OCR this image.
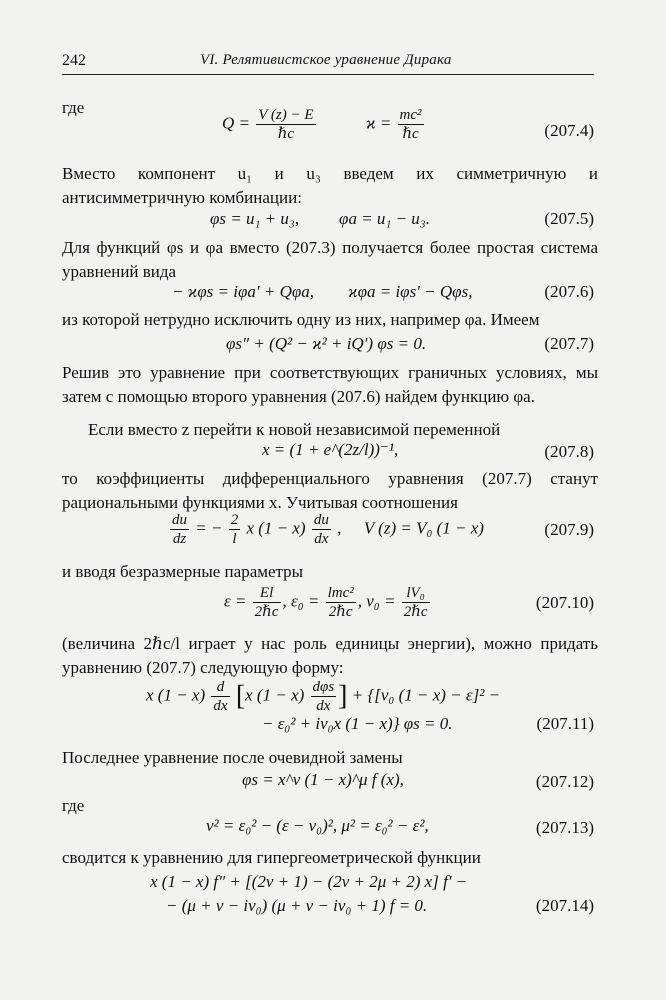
242	VI. Релятивистское уравнение Дирака
где
$Q = \frac{V (z) - E}{\text{ℏc}}$	$ϰ = \frac{\text{mc²}}{\text{ℏc}}$	(207.4)
Вместо компонент u₁ и u₃ введем их симметричную и антисимметричную комбинации:
φs = u₁ + u₃, φa = u₁ − u₃.	(207.5)
Для функций φs и φa вместо (207.3) получается более простая система уравнений вида
− ϰφs = iφa′ + Qφa, ϰφa = iφs′ − Qφs,	(207.6)
из которой нетрудно исключить одну из них, например φa. Имеем
φs″ + (Q² − ϰ² + iQ′) φs = 0.	(207.7)
Решив это уравнение при соответствующих граничных условиях, мы затем с помощью второго уравнения (207.6) найдем функцию φa.
Если вместо z перейти к новой независимой переменной
x = (1 + e^(2z/l))⁻¹,	(207.8)
то коэффициенты дифференциального уравнения (207.7) станут рациональными функциями x. Учитывая соотношения
$\frac{du}{dz}$ = − $\frac{2}{l}$ x $(1 - x) \frac{du}{dx}$ , V (z) = V₀ (1 − x)	(207.9)
и вводя безразмерные параметры
$\varepsilon = \frac{El}{\text{2ℏc}}$ , $\varepsilon_0 = \frac{\text{lmc²}}{\text{2ℏc}}$ , $v_0 = \frac{\text{lV₀}}{\text{2ℏc}}$	(207.10)
(величина 2ℏc/l играет у нас роль единицы энергии), можно придать уравнению (207.7) следующую форму:
x $(1 - x) \frac{d}{dx} [x$ $(1 - x) \frac{\text{dφs}}{dx}$ ] + {[v₀ (1 − x) − ε]² −
− ε₀² + iv₀x (1 − x)} φs = 0.	(207.11)
Последнее уравнение после очевидной замены
φs = x^ν (1 − x)^μ f (x),	(207.12)
где
ν² = ε₀² − (ε − v₀)², μ² = ε₀² − ε²,	(207.13)
сводится к уравнению для гипергеометрической функции
x (1 − x) f″ + [(2ν + 1) − (2ν + 2μ + 2) x] f′ −
− (μ + ν − iv₀) (μ + ν − iv₀ + 1) f = 0.	(207.14)
